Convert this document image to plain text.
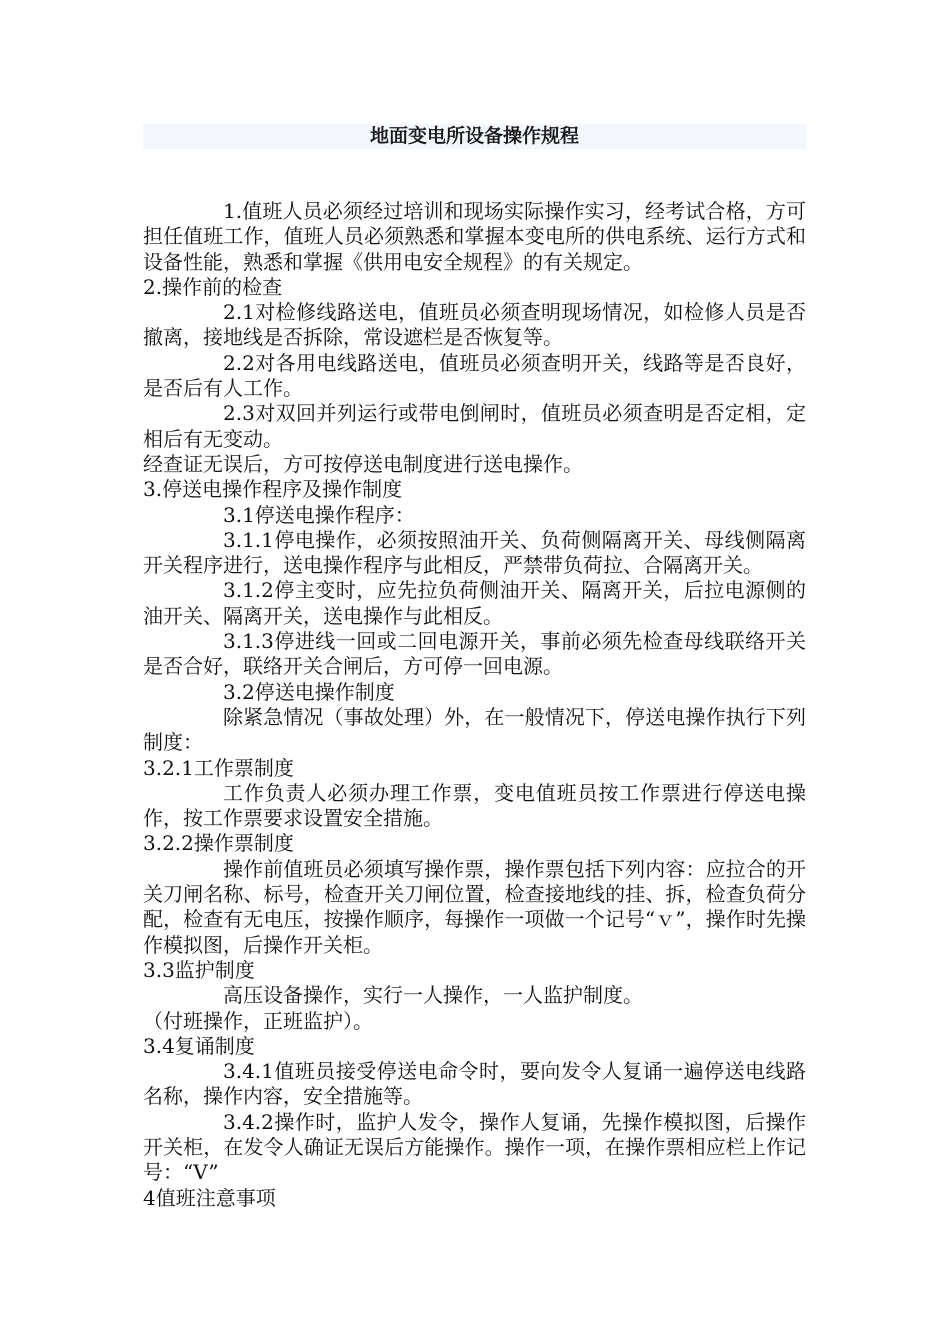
地面变电所设备操作规程

1.值班人员必须经过培训和现场实际操作实习，经考试合格，方可担任值班工作，值班人员必须熟悉和掌握本变电所的供电系统、运行方式和设备性能，熟悉和掌握《供用电安全规程》的有关规定。

2.操作前的检查

2.1对检修线路送电，值班员必须查明现场情况，如检修人员是否撤离，接地线是否拆除，常设遮栏是否恢复等。

2.2对各用电线路送电，值班员必须查明开关，线路等是否良好，是否后有人工作。

2.3对双回并列运行或带电倒闸时，值班员必须查明是否定相，定相后有无变动。

经查证无误后，方可按停送电制度进行送电操作。

3.停送电操作程序及操作制度

3.1停送电操作程序：

3.1.1停电操作，必须按照油开关、负荷侧隔离开关、母线侧隔离开关程序进行，送电操作程序与此相反，严禁带负荷拉、合隔离开关。

3.1.2停主变时，应先拉负荷侧油开关、隔离开关，后拉电源侧的油开关、隔离开关，送电操作与此相反。

3.1.3停进线一回或二回电源开关，事前必须先检查母线联络开关是否合好，联络开关合闸后，方可停一回电源。

3.2停送电操作制度

除紧急情况（事故处理）外，在一般情况下，停送电操作执行下列制度：

3.2.1工作票制度

工作负责人必须办理工作票，变电值班员按工作票进行停送电操作，按工作票要求设置安全措施。

3.2.2操作票制度

操作前值班员必须填写操作票，操作票包括下列内容：应拉合的开关刀闸名称、标号，检查开关刀闸位置，检查接地线的挂、拆，检查负荷分配，检查有无电压，按操作顺序，每操作一项做一个记号“ｖ”，操作时先操作模拟图，后操作开关柜。

3.3监护制度

高压设备操作，实行一人操作，一人监护制度。

（付班操作，正班监护）。

3.4复诵制度

3.4.1值班员接受停送电命令时，要向发令人复诵一遍停送电线路名称，操作内容，安全措施等。

3.4.2操作时，监护人发令，操作人复诵，先操作模拟图，后操作开关柜，在发令人确证无误后方能操作。操作一项，在操作票相应栏上作记号：“V”

4值班注意事项
